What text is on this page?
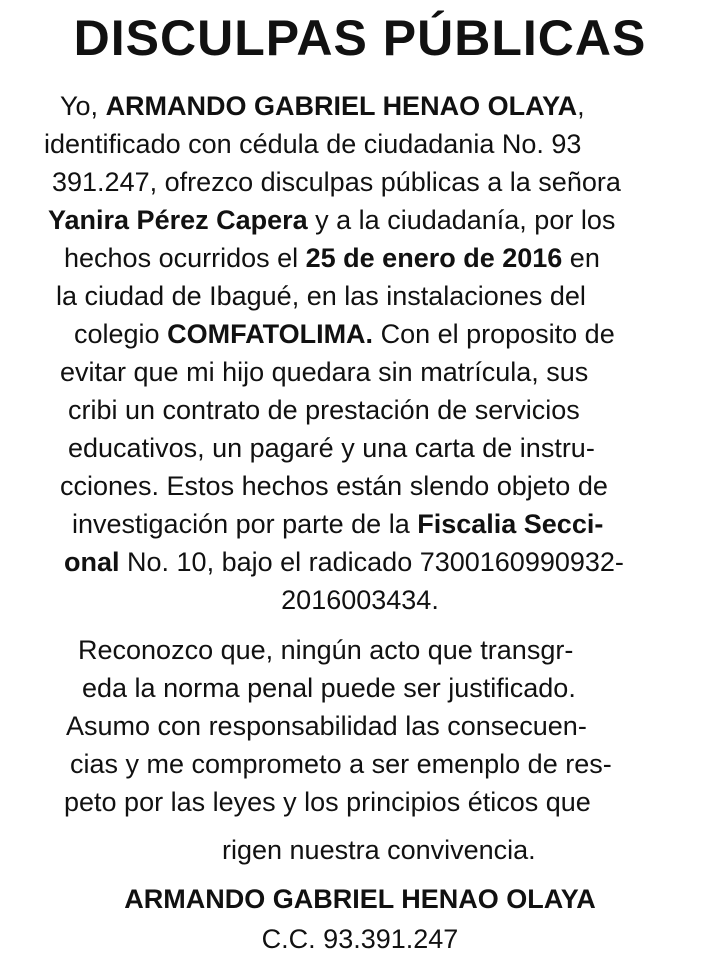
DISCULPAS PÚBLICAS
Yo, ARMANDO GABRIEL HENAO OLAYA,
identificado con cédula de ciudadania No. 93
391.247, ofrezco disculpas públicas a la señora
Yanira Pérez Capera y a la ciudadanía, por los
hechos ocurridos el 25 de enero de 2016 en
la ciudad de Ibagué, en las instalaciones del
colegio COMFATOLIMA. Con el proposito de
evitar que mi hijo quedara sin matrícula, sus
cribi un contrato de prestación de servicios
educativos, un pagaré y una carta de instru-
cciones. Estos hechos están slendo objeto de
investigación por parte de la Fiscalia Secci-
onal No. 10, bajo el radicado 7300160990932-
2016003434.
Reconozco que, ningún acto que transgr-
eda la norma penal puede ser justificado.
Asumo con responsabilidad las consecuen-
cias y me comprometo a ser emenplo de res-
peto por las leyes y los principios éticos que
rigen nuestra convivencia.
ARMANDO GABRIEL HENAO OLAYA
C.C. 93.391.247
